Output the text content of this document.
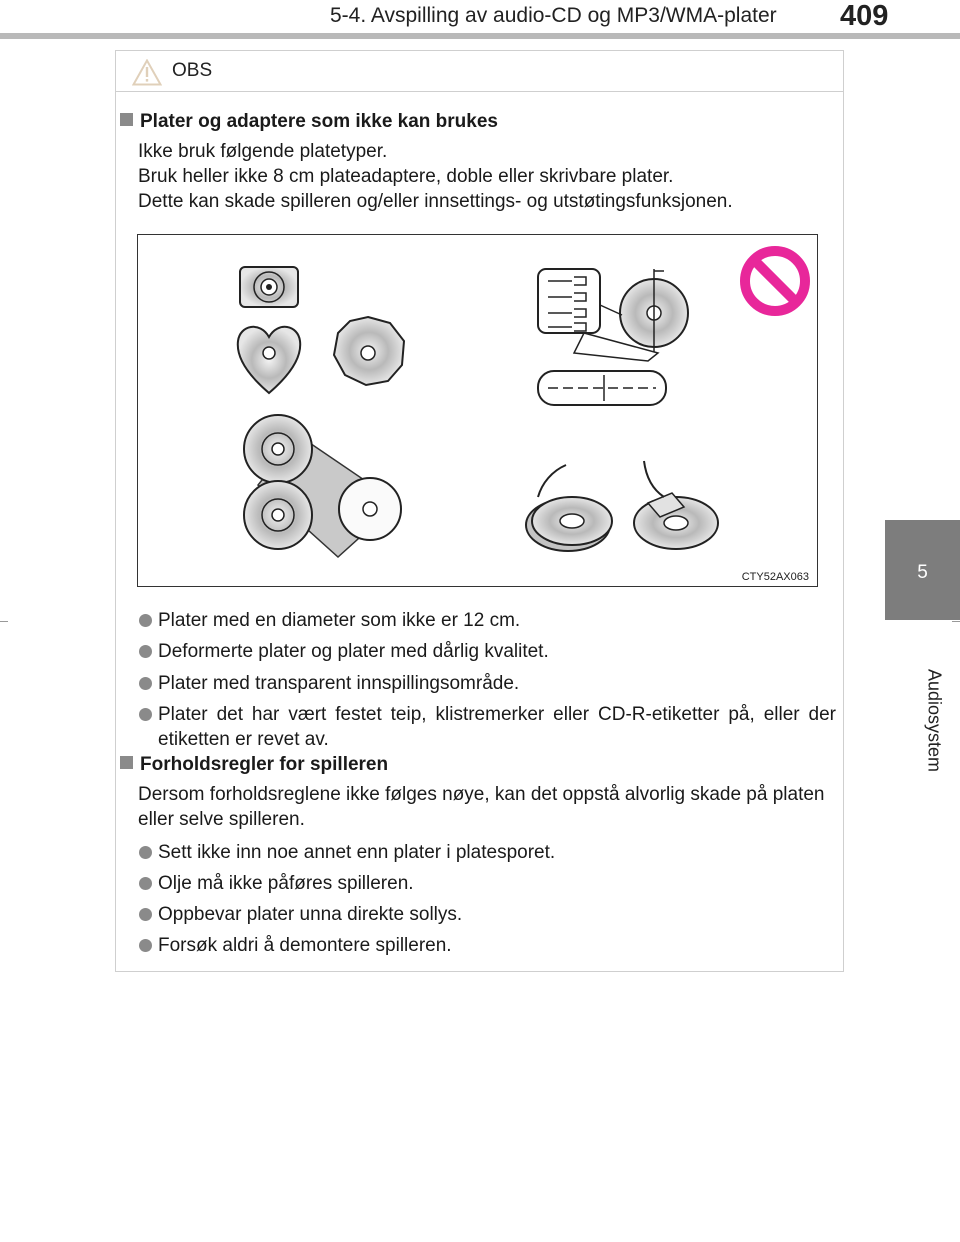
5-4. Avspilling av audio-CD og MP3/WMA-plater 409
5
Audiosystem
OBS
Plater og adaptere som ikke kan brukes
Ikke bruk følgende platetyper.
Bruk heller ikke 8 cm plateadaptere, doble eller skrivbare plater.
Dette kan skade spilleren og/eller innsettings- og utstøtingsfunksjonen.
CTY52AX063
Plater med en diameter som ikke er 12 cm.
Deformerte plater og plater med dårlig kvalitet.
Plater med transparent innspillingsområde.
Plater det har vært festet teip, klistremerker eller CD-R-etiketter på, eller der etiketten er revet av.
Forholdsregler for spilleren
Dersom forholdsreglene ikke følges nøye, kan det oppstå alvorlig skade på platen eller selve spilleren.
Sett ikke inn noe annet enn plater i platesporet.
Olje må ikke påføres spilleren.
Oppbevar plater unna direkte sollys.
Forsøk aldri å demontere spilleren.
